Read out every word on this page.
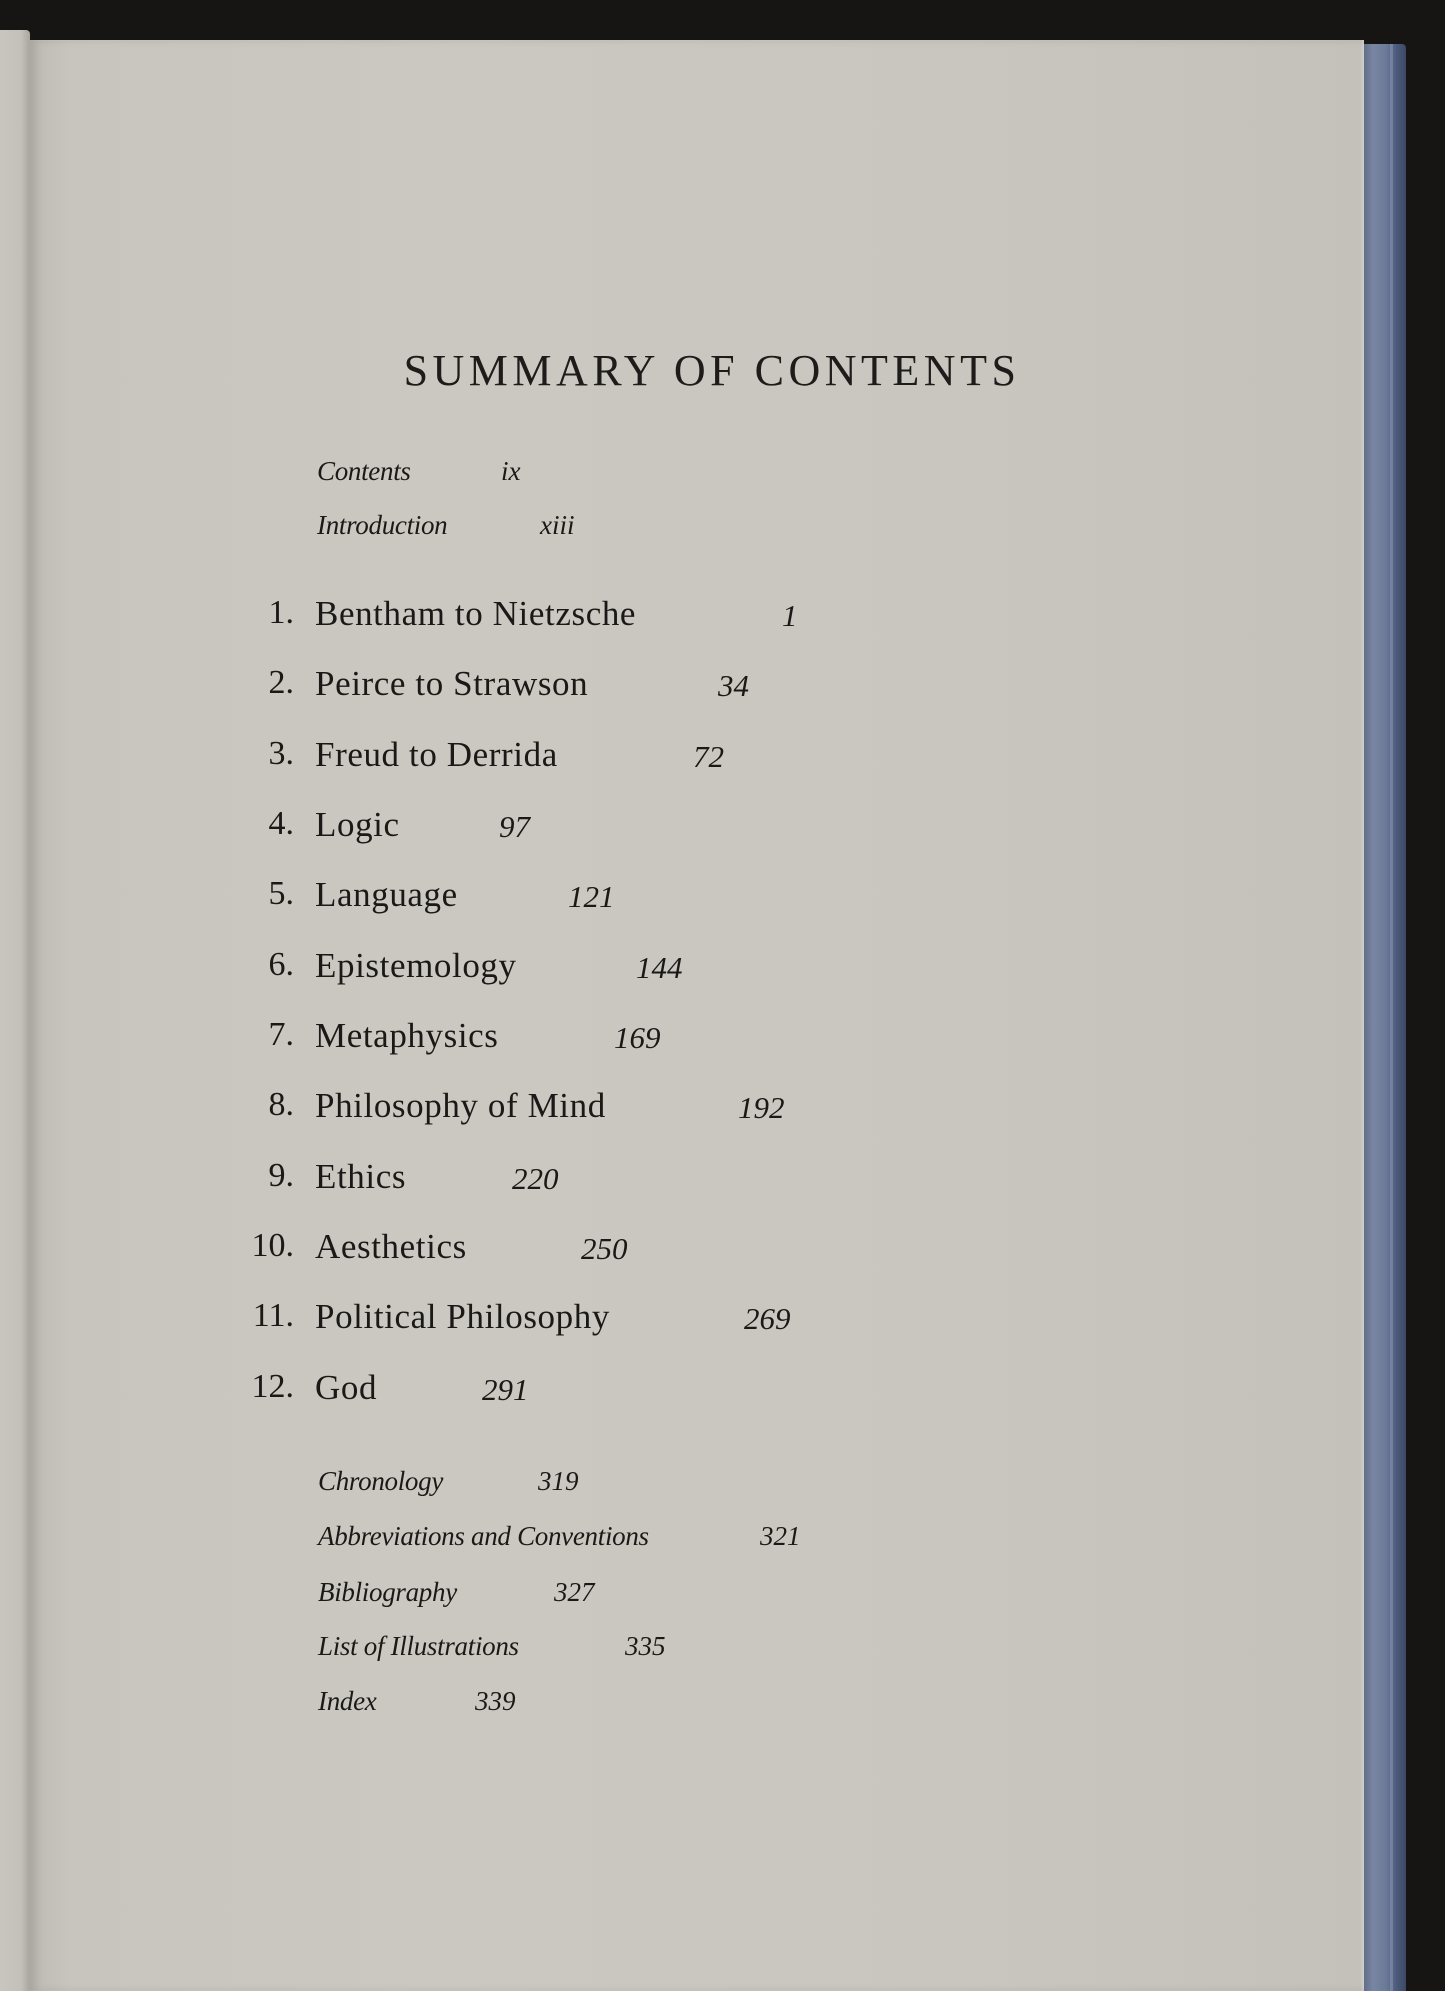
SUMMARY OF CONTENTS
Contents	ix
Introduction	xiii
1. Bentham to Nietzsche	1
2. Peirce to Strawson	34
3. Freud to Derrida	72
4. Logic	97
5. Language	121
6. Epistemology	144
7. Metaphysics	169
8. Philosophy of Mind	192
9. Ethics	220
10. Aesthetics	250
11. Political Philosophy	269
12. God	291
Chronology	319
Abbreviations and Conventions	321
Bibliography	327
List of Illustrations	335
Index	339
